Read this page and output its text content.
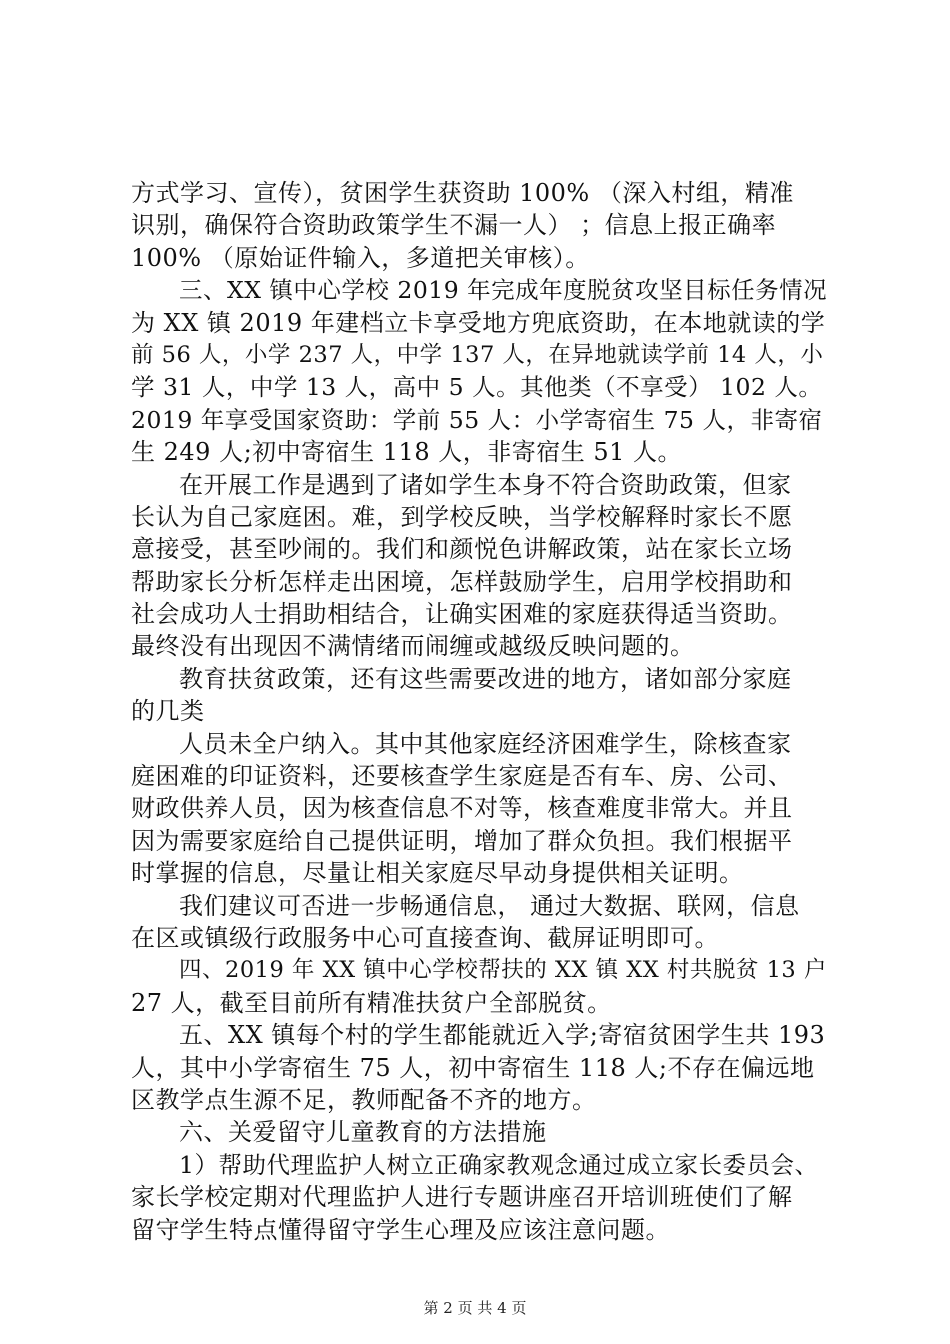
方式学习、宣传），贫困学生获资助 100% （深入村组，精准
识别，确保符合资助政策学生不漏一人） ；信息上报正确率
100% （原始证件输入，多道把关审核）。
三、XX 镇中心学校 2019 年完成年度脱贫攻坚目标任务情况
为 XX 镇 2019 年建档立卡享受地方兜底资助，在本地就读的学
前 56 人，小学 237 人，中学 137 人，在异地就读学前 14 人，小
学 31 人，中学 13 人，高中 5 人。其他类（不享受） 102 人。
2019 年享受国家资助：学前 55 人：小学寄宿生 75 人，非寄宿
生 249 人;初中寄宿生 118 人，非寄宿生 51 人。
在开展工作是遇到了诸如学生本身不符合资助政策，但家
长认为自己家庭困。难，到学校反映，当学校解释时家长不愿
意接受，甚至吵闹的。我们和颜悦色讲解政策，站在家长立场
帮助家长分析怎样走出困境，怎样鼓励学生，启用学校捐助和
社会成功人士捐助相结合，让确实困难的家庭获得适当资助。
最终没有出现因不满情绪而闹缠或越级反映问题的。
教育扶贫政策，还有这些需要改进的地方，诸如部分家庭
的几类
人员未全户纳入。其中其他家庭经济困难学生，除核查家
庭困难的印证资料，还要核查学生家庭是否有车、房、公司、
财政供养人员，因为核查信息不对等，核查难度非常大。并且
因为需要家庭给自己提供证明，增加了群众负担。我们根据平
时掌握的信息，尽量让相关家庭尽早动身提供相关证明。
我们建议可否进一步畅通信息， 通过大数据、联网，信息
在区或镇级行政服务中心可直接查询、截屏证明即可。
四、2019 年 XX 镇中心学校帮扶的 XX 镇 XX 村共脱贫 13 户
27 人，截至目前所有精准扶贫户全部脱贫。
五、XX 镇每个村的学生都能就近入学;寄宿贫困学生共 193
人，其中小学寄宿生 75 人，初中寄宿生 118 人;不存在偏远地
区教学点生源不足，教师配备不齐的地方。
六、关爱留守儿童教育的方法措施
1）帮助代理监护人树立正确家教观念通过成立家长委员会、
家长学校定期对代理监护人进行专题讲座召开培训班使们了解
留守学生特点懂得留守学生心理及应该注意问题。
第 2 页 共 4 页
